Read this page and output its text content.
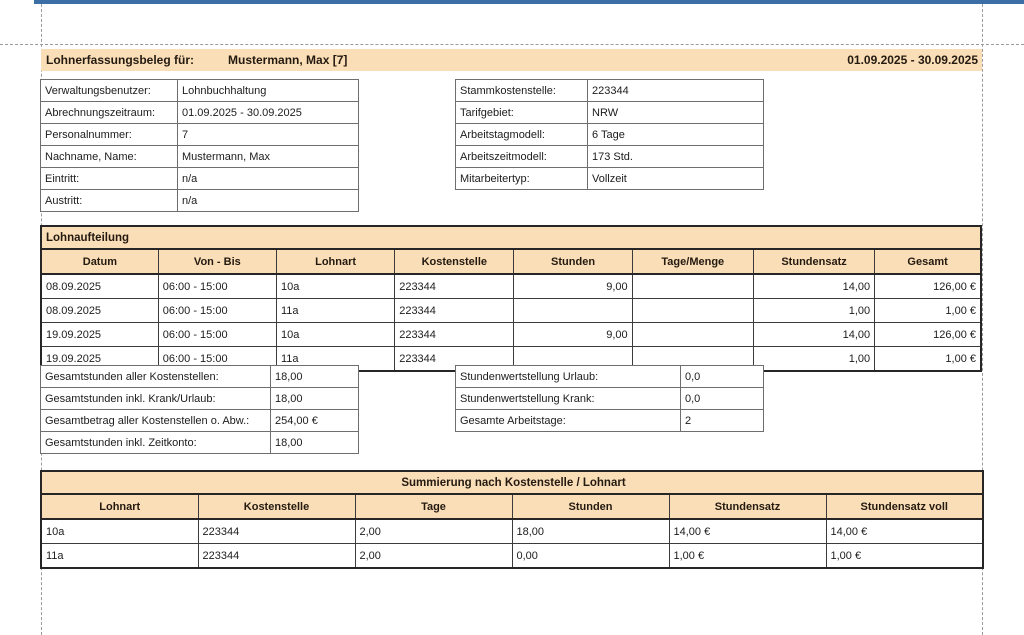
Lohnerfassungsbeleg für:	Mustermann, Max [7]	01.09.2025 - 30.09.2025
Verwaltungsbenutzer:	Lohnbuchhaltung
Abrechnungszeitraum:	01.09.2025 - 30.09.2025
Personalnummer:	7
Nachname, Name:	Mustermann, Max
Eintritt:	n/a
Austritt:	n/a
Stammkostenstelle:	223344
Tarifgebiet:	NRW
Arbeitstagmodell:	6 Tage
Arbeitszeitmodell:	173 Std.
Mitarbeitertyp:	Vollzeit
Lohnaufteilung							
Datum	Von - Bis	Lohnart	Kostenstelle	Stunden	Tage/Menge	Stundensatz	Gesamt
08.09.2025	06:00 - 15:00	10a	223344	9,00		14,00	126,00 €
08.09.2025	06:00 - 15:00	11a	223344			1,00	1,00 €
19.09.2025	06:00 - 15:00	10a	223344	9,00		14,00	126,00 €
19.09.2025	06:00 - 15:00	11a	223344			1,00	1,00 €
Gesamtstunden aller Kostenstellen:	18,00
Gesamtstunden inkl. Krank/Urlaub:	18,00
Gesamtbetrag aller Kostenstellen o. Abw.:	254,00 €
Gesamtstunden inkl. Zeitkonto:	18,00
Stundenwertstellung Urlaub:	0,0
Stundenwertstellung Krank:	0,0
Gesamte Arbeitstage:	2
Summierung nach Kostenstelle / Lohnart					
Lohnart	Kostenstelle	Tage	Stunden	Stundensatz	Stundensatz voll
10a	223344	2,00	18,00	14,00 €	14,00 €
11a	223344	2,00	0,00	1,00 €	1,00 €
